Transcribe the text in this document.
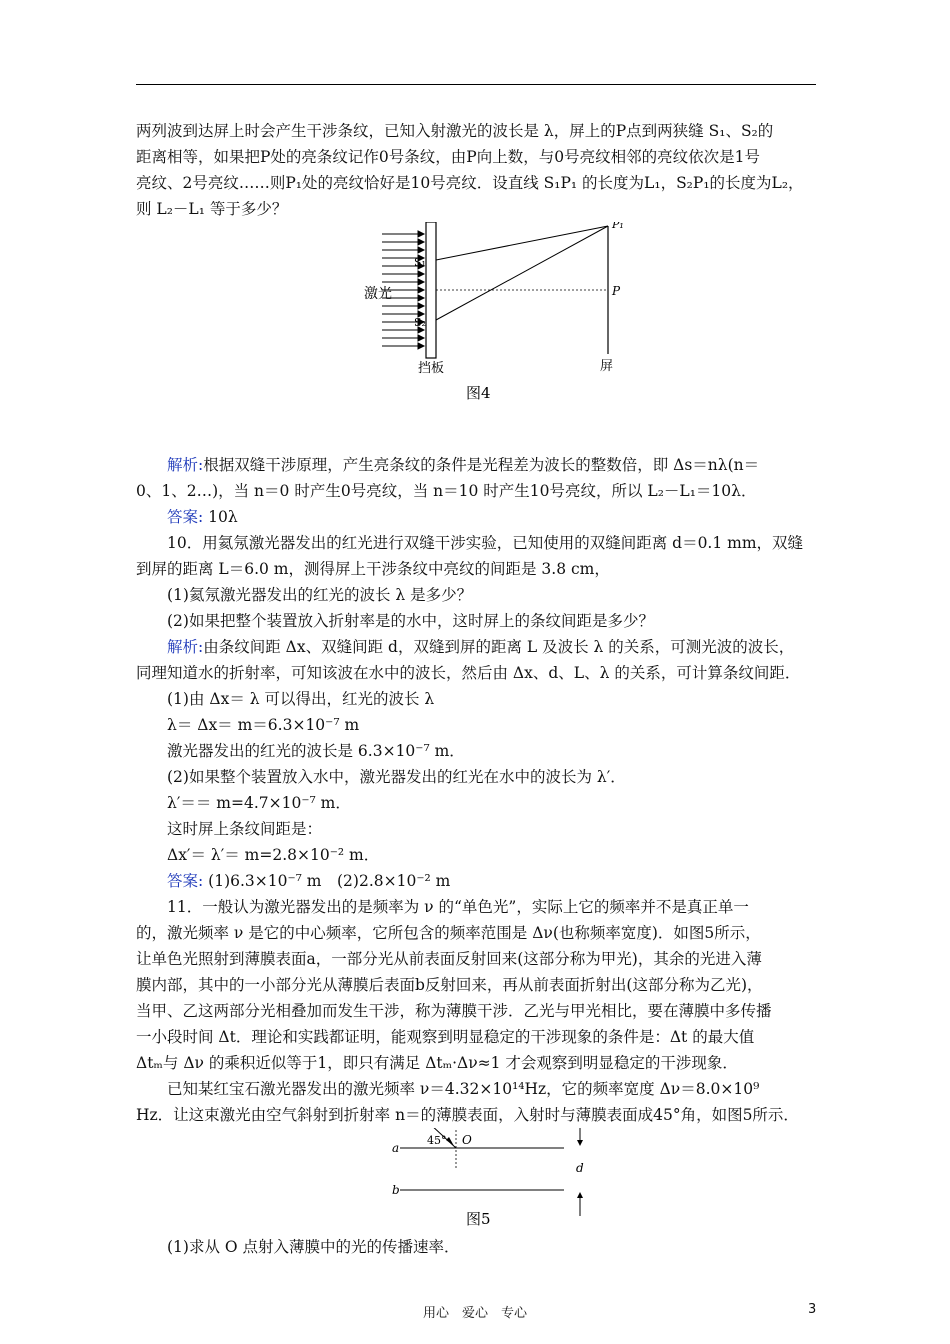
两列波到达屏上时会产生干涉条纹，已知入射激光的波长是 λ，屏上的P点到两狭缝 S₁、S₂的
距离相等，如果把P处的亮条纹记作0号条纹，由P向上数，与0号亮纹相邻的亮纹依次是1号
亮纹、2号亮纹……则P₁处的亮纹恰好是10号亮纹．设直线 S₁P₁ 的长度为L₁，S₂P₁的长度为L₂，
则 L₂－L₁ 等于多少？
激光
S₁
S₂
P₁
P
挡板	屏
图4
解析:根据双缝干涉原理，产生亮条纹的条件是光程差为波长的整数倍，即 Δs＝nλ(n＝
0、1、2…)，当 n＝0 时产生0号亮纹，当 n＝10 时产生10号亮纹，所以 L₂－L₁＝10λ．
答案: 10λ
10．用氦氖激光器发出的红光进行双缝干涉实验，已知使用的双缝间距离 d＝0.1 mm，双缝
到屏的距离 L＝6.0 m，测得屏上干涉条纹中亮纹的间距是 3.8 cm，
(1)氦氖激光器发出的红光的波长 λ 是多少？
(2)如果把整个装置放入折射率是的水中，这时屏上的条纹间距是多少？
解析:由条纹间距 Δx、双缝间距 d，双缝到屏的距离 L 及波长 λ 的关系，可测光波的波长，
同理知道水的折射率，可知该波在水中的波长，然后由 Δx、d、L、λ 的关系，可计算条纹间距．
(1)由 Δx＝ λ 可以得出，红光的波长 λ
λ＝ Δx＝ m＝6.3×10⁻⁷ m
激光器发出的红光的波长是 6.3×10⁻⁷ m．
(2)如果整个装置放入水中，激光器发出的红光在水中的波长为 λ′．
λ′＝＝ m=4.7×10⁻⁷ m．
这时屏上条纹间距是：
Δx′＝ λ′＝ m=2.8×10⁻² m．
答案: (1)6.3×10⁻⁷ m　(2)2.8×10⁻² m
11．一般认为激光器发出的是频率为 ν 的“单色光”，实际上它的频率并不是真正单一
的，激光频率 ν 是它的中心频率，它所包含的频率范围是 Δν(也称频率宽度)．如图5所示，
让单色光照射到薄膜表面a，一部分光从前表面反射回来(这部分称为甲光)，其余的光进入薄
膜内部，其中的一小部分光从薄膜后表面b反射回来，再从前表面折射出(这部分称为乙光)，
当甲、乙这两部分光相叠加而发生干涉，称为薄膜干涉．乙光与甲光相比，要在薄膜中多传播
一小段时间 Δt．理论和实践都证明，能观察到明显稳定的干涉现象的条件是：Δt 的最大值
Δtₘ与 Δν 的乘积近似等于1，即只有满足 Δtₘ·Δν≈1 才会观察到明显稳定的干涉现象．
已知某红宝石激光器发出的激光频率 ν＝4.32×10¹⁴Hz，它的频率宽度 Δν＝8.0×10⁹
Hz．让这束激光由空气斜射到折射率 n＝的薄膜表面，入射时与薄膜表面成45°角，如图5所示．
45° O
a
b
d
图5
(1)求从 O 点射入薄膜中的光的传播速率．
用心　爱心　专心	3
